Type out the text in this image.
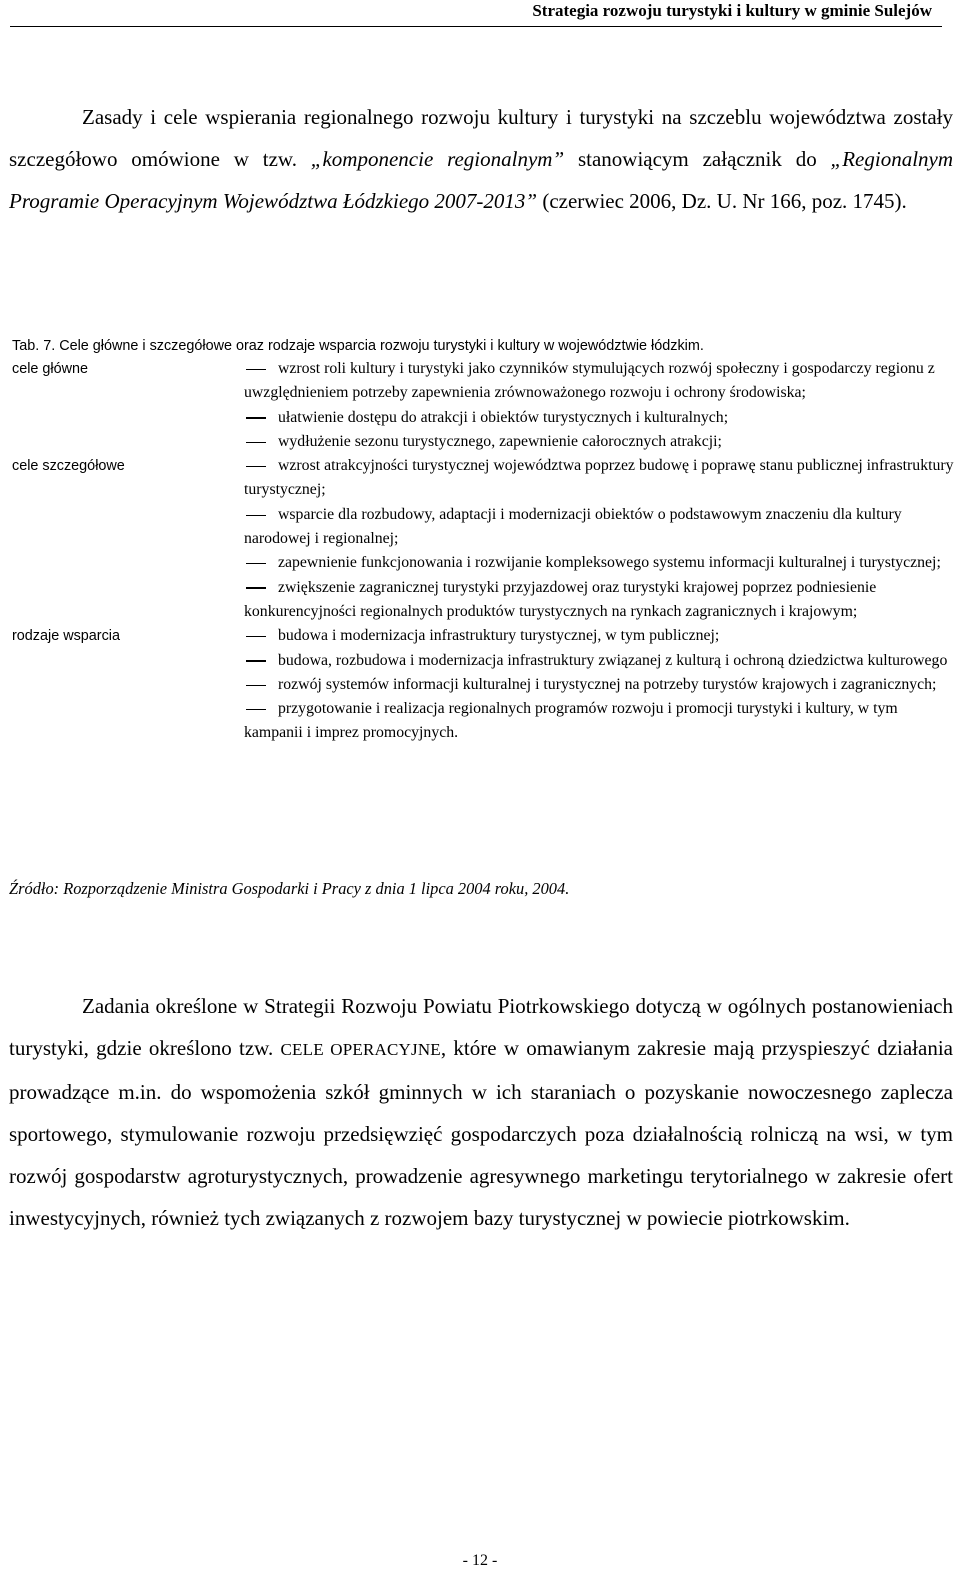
Strategia rozwoju turystyki i kultury w gminie Sulejów
Zasady i cele wspierania regionalnego rozwoju kultury i turystyki na szczeblu województwa zostały szczegółowo omówione w tzw. „komponencie regionalnym” stanowiącym załącznik do „Regionalnym Programie Operacyjnym Województwa Łódzkiego 2007-2013” (czerwiec 2006, Dz. U. Nr 166, poz. 1745).
Tab. 7. Cele główne i szczegółowe oraz rodzaje wsparcia rozwoju turystyki i kultury w województwie łódzkim.
cele główne	wzrost roli kultury i turystyki jako czynników stymulujących rozwój społeczny i gospodarczy regionu z uwzględnieniem potrzeby zapewnienia zrównoważonego rozwoju i ochrony środowiska;
ułatwienie dostępu do atrakcji i obiektów turystycznych i kulturalnych;
wydłużenie sezonu turystycznego, zapewnienie całorocznych atrakcji;
cele szczegółowe	wzrost atrakcyjności turystycznej województwa poprzez budowę i poprawę stanu publicznej infrastruktury turystycznej;
wsparcie dla rozbudowy, adaptacji i modernizacji obiektów o podstawowym znaczeniu dla kultury narodowej i regionalnej;
zapewnienie funkcjonowania i rozwijanie kompleksowego systemu informacji kulturalnej i turystycznej;
zwiększenie zagranicznej turystyki przyjazdowej oraz turystyki krajowej poprzez podniesienie konkurencyjności regionalnych produktów turystycznych na rynkach zagranicznych i krajowym;
rodzaje wsparcia	budowa i modernizacja infrastruktury turystycznej, w tym publicznej;
budowa, rozbudowa i modernizacja infrastruktury związanej z kulturą i ochroną dziedzictwa kulturowego
rozwój systemów informacji kulturalnej i turystycznej na potrzeby turystów krajowych i zagranicznych;
przygotowanie i realizacja regionalnych programów rozwoju i promocji turystyki i kultury, w tym kampanii i imprez promocyjnych.
Źródło: Rozporządzenie Ministra Gospodarki i Pracy z dnia 1 lipca 2004 roku, 2004.
Zadania określone w Strategii Rozwoju Powiatu Piotrkowskiego dotyczą w ogólnych postanowieniach turystyki, gdzie określono tzw. CELE OPERACYJNE, które w omawianym zakresie mają przyspieszyć działania prowadzące m.in. do wspomożenia szkół gminnych w ich staraniach o pozyskanie nowoczesnego zaplecza sportowego, stymulowanie rozwoju przedsięwzięć gospodarczych poza działalnością rolniczą na wsi, w tym rozwój gospodarstw agroturystycznych, prowadzenie agresywnego marketingu terytorialnego w zakresie ofert inwestycyjnych, również tych związanych z rozwojem bazy turystycznej w powiecie piotrkowskim.
- 12 -
